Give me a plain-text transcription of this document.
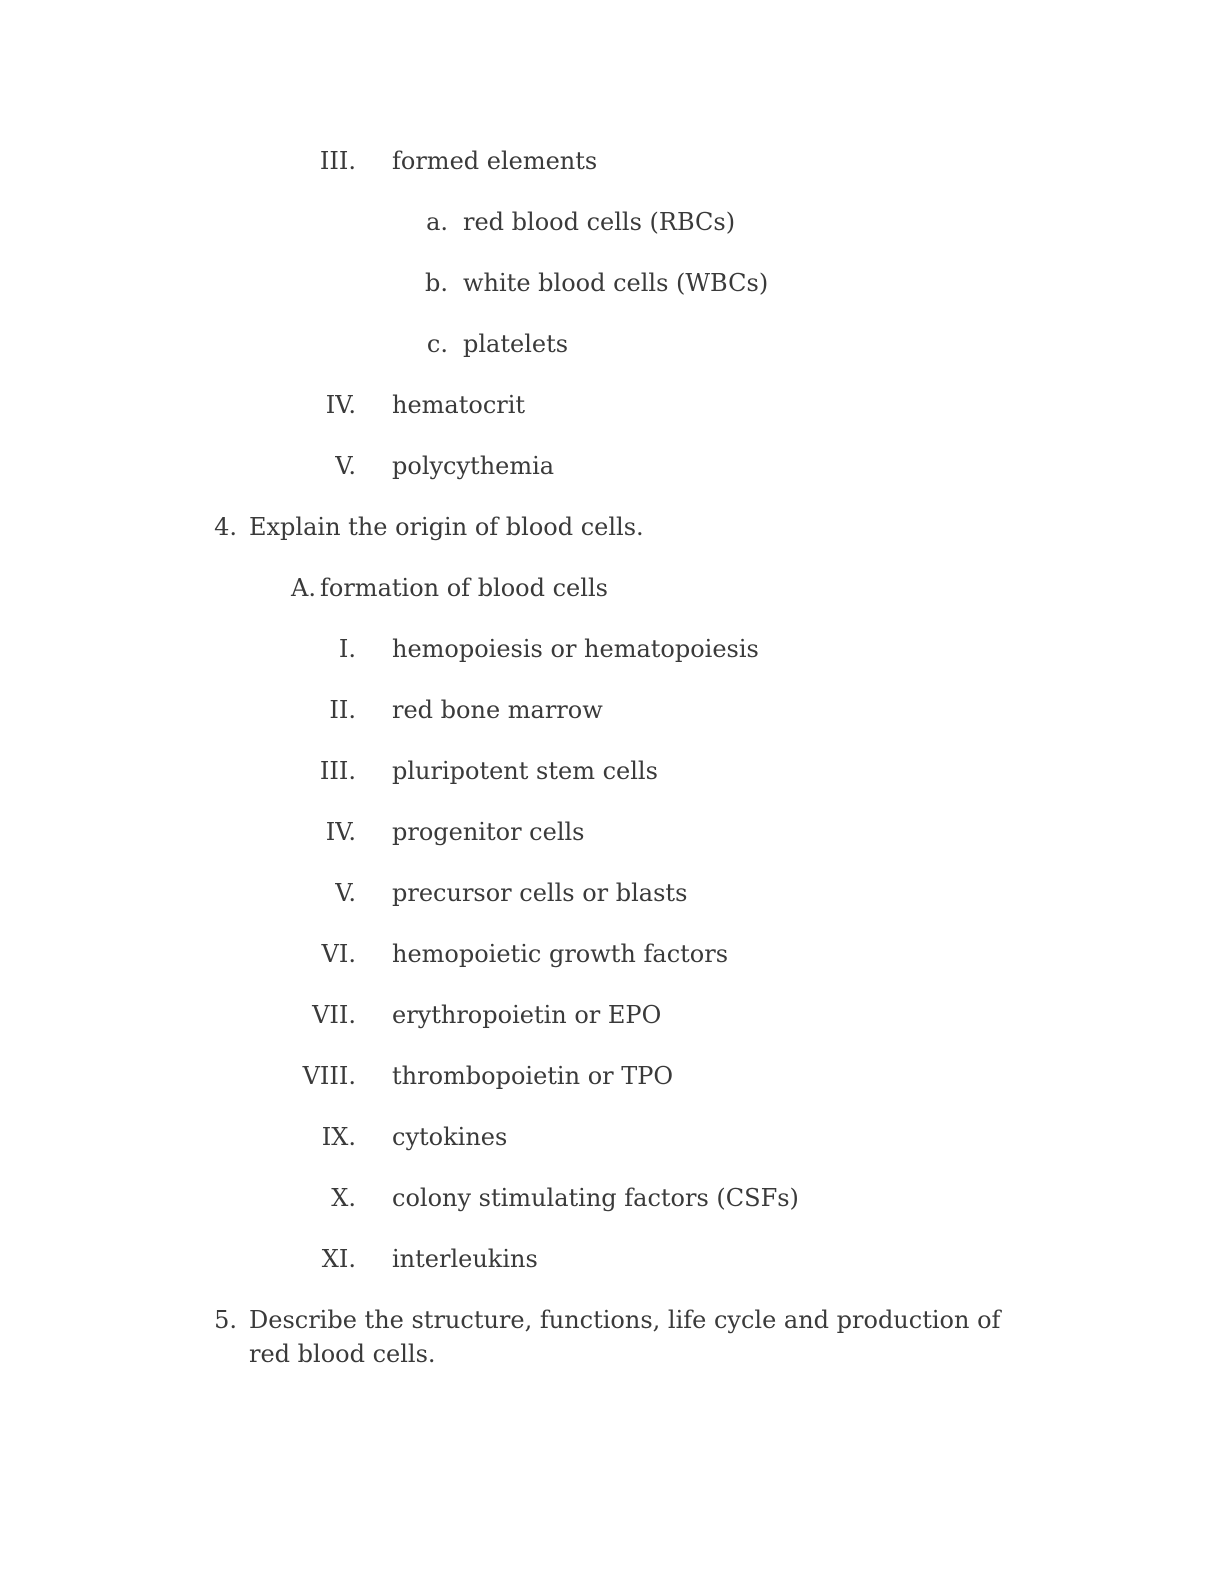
III. formed elements
a. red blood cells (RBCs)
b. white blood cells (WBCs)
c. platelets
IV. hematocrit
V. polycythemia
4. Explain the origin of blood cells.
A. formation of blood cells
I. hemopoiesis or hematopoiesis
II. red bone marrow
III. pluripotent stem cells
IV. progenitor cells
V. precursor cells or blasts
VI. hemopoietic growth factors
VII. erythropoietin or EPO
VIII. thrombopoietin or TPO
IX. cytokines
X. colony stimulating factors (CSFs)
XI. interleukins
5. Describe the structure, functions, life cycle and production of
red blood cells.
